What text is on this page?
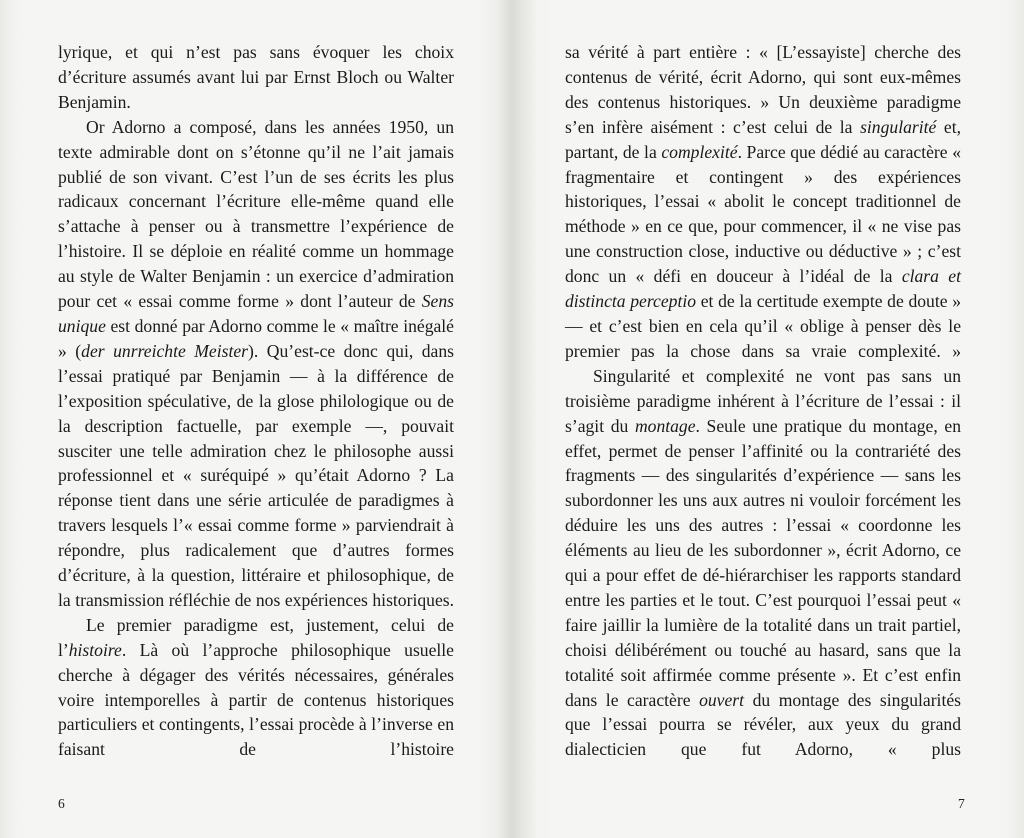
lyrique, et qui n’est pas sans évoquer les choix d’écriture assumés avant lui par Ernst Bloch ou Walter Benjamin.

Or Adorno a composé, dans les années 1950, un texte admirable dont on s’étonne qu’il ne l’ait jamais publié de son vivant. C’est l’un de ses écrits les plus radicaux concernant l’écriture elle-même quand elle s’attache à penser ou à transmettre l’expérience de l’histoire. Il se déploie en réalité comme un hommage au style de Walter Benjamin : un exercice d’admiration pour cet « essai comme forme » dont l’auteur de Sens unique est donné par Adorno comme le « maître inégalé » (der unrreichte Meister). Qu’est-ce donc qui, dans l’essai pratiqué par Benjamin — à la différence de l’exposition spéculative, de la glose philologique ou de la description factuelle, par exemple —, pouvait susciter une telle admiration chez le philosophe aussi professionnel et « suréquipé » qu’était Adorno ? La réponse tient dans une série articulée de paradigmes à travers lesquels l’« essai comme forme » parviendrait à répondre, plus radicalement que d’autres formes d’écriture, à la question, littéraire et philosophique, de la transmission réfléchie de nos expériences historiques.

Le premier paradigme est, justement, celui de l’histoire. Là où l’approche philosophique usuelle cherche à dégager des vérités nécessaires, générales voire intemporelles à partir de contenus historiques particuliers et contingents, l’essai procède à l’inverse en faisant de l’histoire

6

sa vérité à part entière : « [L’essayiste] cherche des contenus de vérité, écrit Adorno, qui sont eux-mêmes des contenus historiques. » Un deuxième paradigme s’en infère aisément : c’est celui de la singularité et, partant, de la complexité. Parce que dédié au caractère « fragmentaire et contingent » des expériences historiques, l’essai « abolit le concept traditionnel de méthode » en ce que, pour commencer, il « ne vise pas une construction close, inductive ou déductive » ; c’est donc un « défi en douceur à l’idéal de la clara et distincta perceptio et de la certitude exempte de doute » — et c’est bien en cela qu’il « oblige à penser dès le premier pas la chose dans sa vraie complexité. »

Singularité et complexité ne vont pas sans un troisième paradigme inhérent à l’écriture de l’essai : il s’agit du montage. Seule une pratique du montage, en effet, permet de penser l’affinité ou la contrariété des fragments — des singularités d’expérience — sans les subordonner les uns aux autres ni vouloir forcément les déduire les uns des autres : l’essai « coordonne les éléments au lieu de les subordonner », écrit Adorno, ce qui a pour effet de dé-hiérarchiser les rapports standard entre les parties et le tout. C’est pourquoi l’essai peut « faire jaillir la lumière de la totalité dans un trait partiel, choisi délibérément ou touché au hasard, sans que la totalité soit affirmée comme présente ». Et c’est enfin dans le caractère ouvert du montage des singularités que l’essai pourra se révéler, aux yeux du grand dialecticien que fut Adorno, « plus

7
